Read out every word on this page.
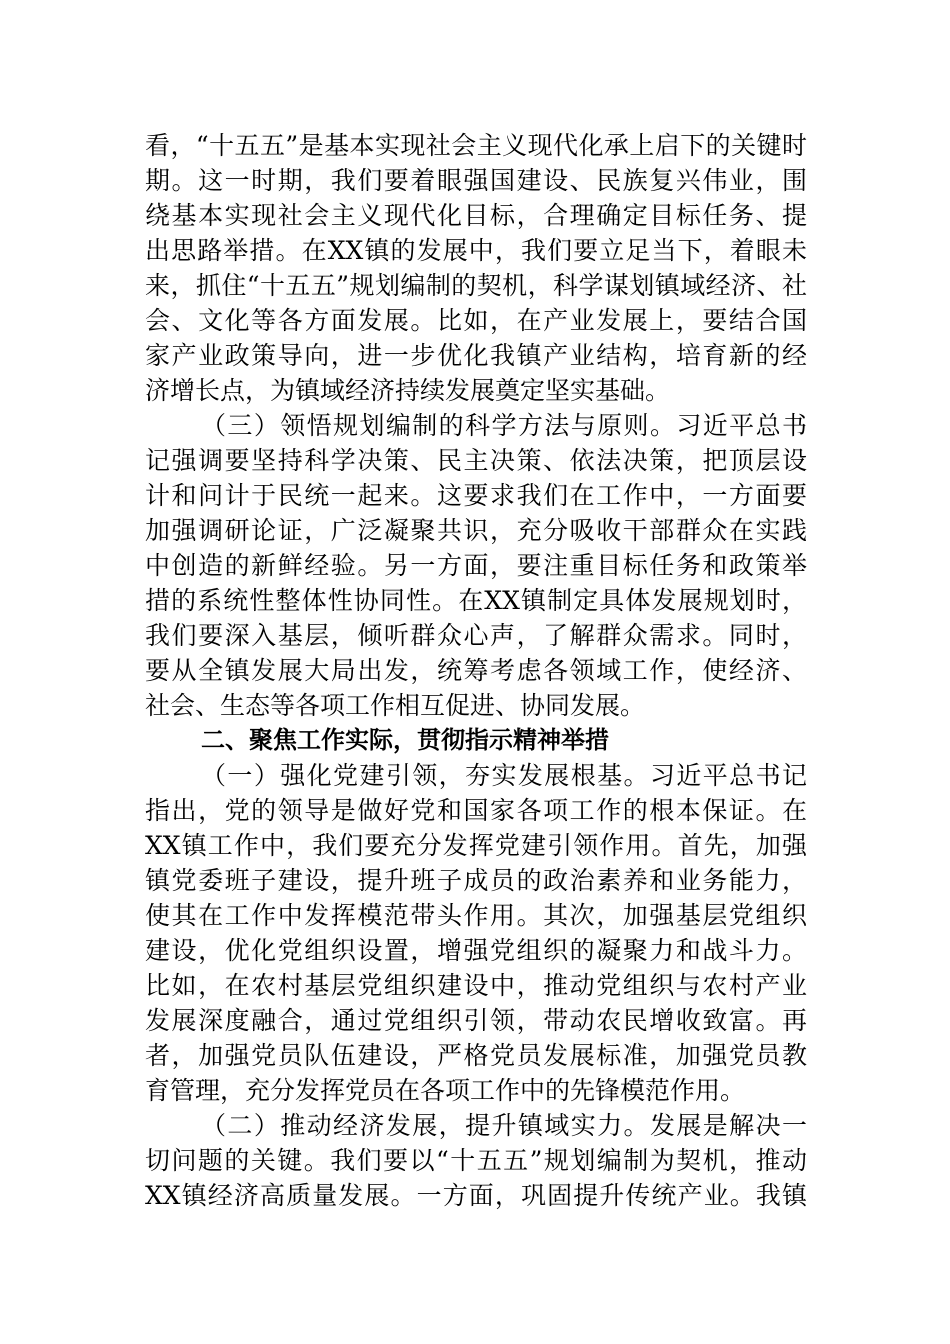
看，“十五五”是基本实现社会主义现代化承上启下的关键时
期。这一时期，我们要着眼强国建设、民族复兴伟业，围
绕基本实现社会主义现代化目标，合理确定目标任务、提
出思路举措。在XX镇的发展中，我们要立足当下，着眼未
来，抓住“十五五”规划编制的契机，科学谋划镇域经济、社
会、文化等各方面发展。比如，在产业发展上，要结合国
家产业政策导向，进一步优化我镇产业结构，培育新的经
济增长点，为镇域经济持续发展奠定坚实基础。
（三）领悟规划编制的科学方法与原则。习近平总书
记强调要坚持科学决策、民主决策、依法决策，把顶层设
计和问计于民统一起来。这要求我们在工作中，一方面要
加强调研论证，广泛凝聚共识，充分吸收干部群众在实践
中创造的新鲜经验。另一方面，要注重目标任务和政策举
措的系统性整体性协同性。在XX镇制定具体发展规划时，
我们要深入基层，倾听群众心声，了解群众需求。同时，
要从全镇发展大局出发，统筹考虑各领域工作，使经济、
社会、生态等各项工作相互促进、协同发展。
二、聚焦工作实际，贯彻指示精神举措
（一）强化党建引领，夯实发展根基。习近平总书记
指出，党的领导是做好党和国家各项工作的根本保证。在
XX镇工作中，我们要充分发挥党建引领作用。首先，加强
镇党委班子建设，提升班子成员的政治素养和业务能力，
使其在工作中发挥模范带头作用。其次，加强基层党组织
建设，优化党组织设置，增强党组织的凝聚力和战斗力。
比如，在农村基层党组织建设中，推动党组织与农村产业
发展深度融合，通过党组织引领，带动农民增收致富。再
者，加强党员队伍建设，严格党员发展标准，加强党员教
育管理，充分发挥党员在各项工作中的先锋模范作用。
（二）推动经济发展，提升镇域实力。发展是解决一
切问题的关键。我们要以“十五五”规划编制为契机，推动
XX镇经济高质量发展。一方面，巩固提升传统产业。我镇
